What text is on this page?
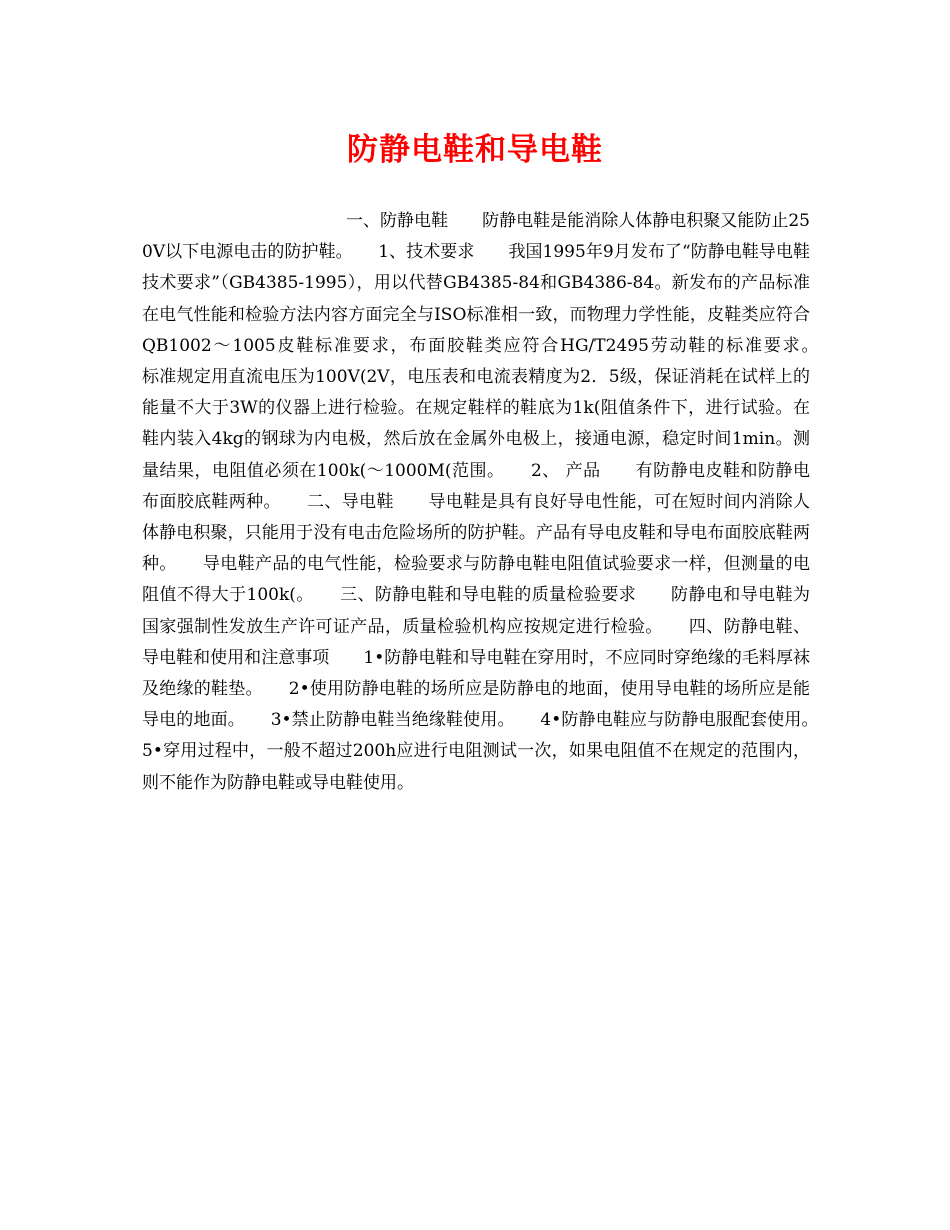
防静电鞋和导电鞋

一、防静电鞋　　防静电鞋是能消除人体静电积聚又能防止250V以下电源电击的防护鞋。　　1、技术要求　　我国1995年9月发布了“防静电鞋导电鞋技术要求”（GB4385-1995），用以代替GB4385-84和GB4386-84。新发布的产品标准在电气性能和检验方法内容方面完全与ISO标准相一致，而物理力学性能，皮鞋类应符合QB1002～1005皮鞋标准要求，布面胶鞋类应符合HG/T2495劳动鞋的标准要求。　　标准规定用直流电压为100V(2V，电压表和电流表精度为2．5级，保证消耗在试样上的能量不大于3W的仪器上进行检验。在规定鞋样的鞋底为1k(阻值条件下，进行试验。在鞋内装入4kg的钢球为内电极，然后放在金属外电极上，接通电源，稳定时间1min。测量结果，电阻值必须在100k(～1000M(范围。　　2、 产品　　有防静电皮鞋和防静电布面胶底鞋两种。　　二、导电鞋　　导电鞋是具有良好导电性能，可在短时间内消除人体静电积聚，只能用于没有电击危险场所的防护鞋。产品有导电皮鞋和导电布面胶底鞋两种。　　导电鞋产品的电气性能，检验要求与防静电鞋电阻值试验要求一样，但测量的电阻值不得大于100k(。　　三、防静电鞋和导电鞋的质量检验要求　　防静电和导电鞋为国家强制性发放生产许可证产品，质量检验机构应按规定进行检验。　　四、防静电鞋、导电鞋和使用和注意事项　　1•防静电鞋和导电鞋在穿用时，不应同时穿绝缘的毛料厚袜及绝缘的鞋垫。　　2•使用防静电鞋的场所应是防静电的地面，使用导电鞋的场所应是能导电的地面。　　3•禁止防静电鞋当绝缘鞋使用。　　4•防静电鞋应与防静电服配套使用。　　5•穿用过程中，一般不超过200h应进行电阻测试一次，如果电阻值不在规定的范围内，则不能作为防静电鞋或导电鞋使用。
